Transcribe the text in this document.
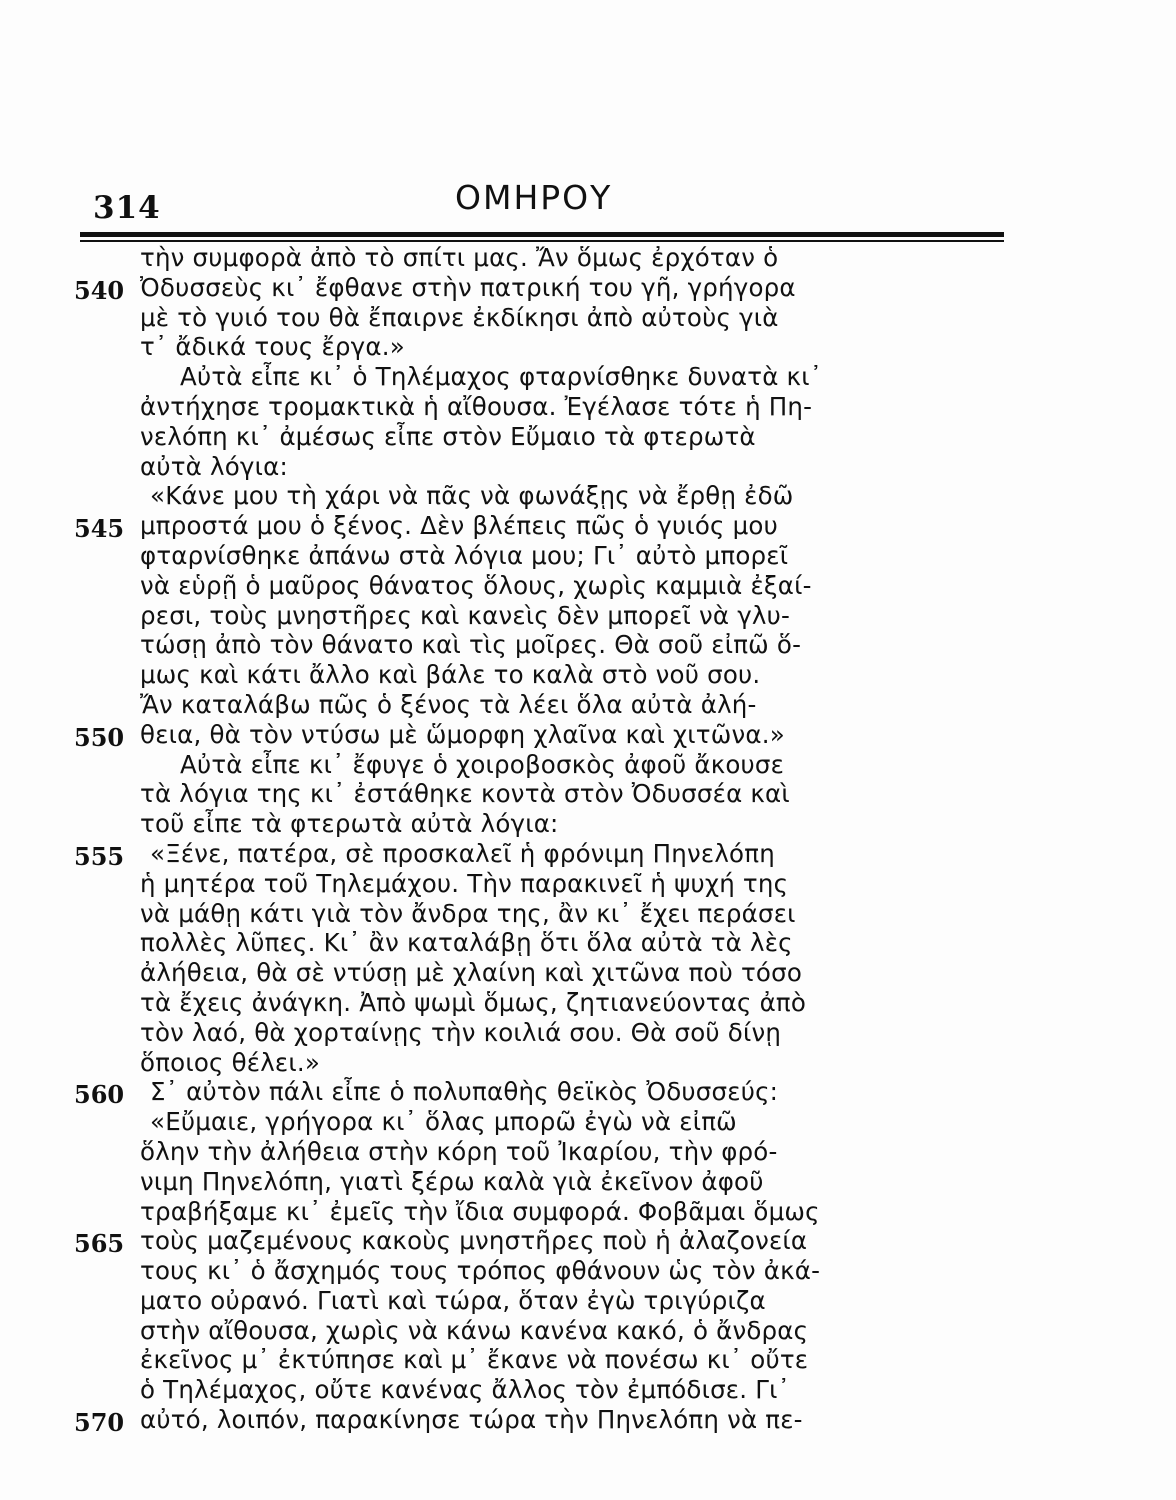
314	ΟΜΗΡΟΥ
τὴν συμφορὰ ἀπὸ τὸ σπίτι μας. Ἄν ὅμως ἐρχόταν ὁ
540 Ὀδυσσεὺς κι᾽ ἔφθανε στὴν πατρική του γῆ, γρήγορα
μὲ τὸ γυιό του θὰ ἔπαιρνε ἐκδίκησι ἀπὸ αὐτοὺς γιὰ
τ᾽ ἄδικά τους ἔργα.»
Αὐτὰ εἶπε κι᾽ ὁ Τηλέμαχος φταρνίσθηκε δυνατὰ κι᾽
ἀντήχησε τρομακτικὰ ἡ αἴθουσα. Ἐγέλασε τότε ἡ Πη-
νελόπη κι᾽ ἀμέσως εἶπε στὸν Εὔμαιο τὰ φτερωτὰ
αὐτὰ λόγια:
«Κάνε μου τὴ χάρι νὰ πᾶς νὰ φωνάξῃς νὰ ἔρθῃ ἐδῶ
545 μπροστά μου ὁ ξένος. Δὲν βλέπεις πῶς ὁ γυιός μου
φταρνίσθηκε ἀπάνω στὰ λόγια μου; Γι᾽ αὐτὸ μπορεῖ
νὰ εὑρῇ ὁ μαῦρος θάνατος ὅλους, χωρὶς καμμιὰ ἐξαί-
ρεσι, τοὺς μνηστῆρες καὶ κανεὶς δὲν μπορεῖ νὰ γλυ-
τώσῃ ἀπὸ τὸν θάνατο καὶ τὶς μοῖρες. Θὰ σοῦ εἰπῶ ὅ-
μως καὶ κάτι ἄλλο καὶ βάλε το καλὰ στὸ νοῦ σου.
Ἄν καταλάβω πῶς ὁ ξένος τὰ λέει ὅλα αὐτὰ ἀλή-
550 θεια, θὰ τὸν ντύσω μὲ ὥμορφη χλαῖνα καὶ χιτῶνα.»
Αὐτὰ εἶπε κι᾽ ἔφυγε ὁ χοιροβοσκὸς ἀφοῦ ἄκουσε
τὰ λόγια της κι᾽ ἐστάθηκε κοντὰ στὸν Ὀδυσσέα καὶ
τοῦ εἶπε τὰ φτερωτὰ αὐτὰ λόγια:
555 «Ξένε, πατέρα, σὲ προσκαλεῖ ἡ φρόνιμη Πηνελόπη
ἡ μητέρα τοῦ Τηλεμάχου. Τὴν παρακινεῖ ἡ ψυχή της
νὰ μάθῃ κάτι γιὰ τὸν ἄνδρα της, ἂν κι᾽ ἔχει περάσει
πολλὲς λῦπες. Κι᾽ ἂν καταλάβῃ ὅτι ὅλα αὐτὰ τὰ λὲς
ἀλήθεια, θὰ σὲ ντύσῃ μὲ χλαίνη καὶ χιτῶνα ποὺ τόσο
τὰ ἔχεις ἀνάγκη. Ἀπὸ ψωμὶ ὅμως, ζητιανεύοντας ἀπὸ
τὸν λαό, θὰ χορταίνῃς τὴν κοιλιά σου. Θὰ σοῦ δίνῃ
ὅποιος θέλει.»
560 Σ᾽ αὐτὸν πάλι εἶπε ὁ πολυπαθὴς θεϊκὸς Ὀδυσσεύς:
«Εὔμαιε, γρήγορα κι᾽ ὅλας μπορῶ ἐγὼ νὰ εἰπῶ
ὅλην τὴν ἀλήθεια στὴν κόρη τοῦ Ἰκαρίου, τὴν φρό-
νιμη Πηνελόπη, γιατὶ ξέρω καλὰ γιὰ ἐκεῖνον ἀφοῦ
τραβήξαμε κι᾽ ἐμεῖς τὴν ἴδια συμφορά. Φοβᾶμαι ὅμως
565 τοὺς μαζεμένους κακοὺς μνηστῆρες ποὺ ἡ ἀλαζονεία
τους κι᾽ ὁ ἄσχημός τους τρόπος φθάνουν ὡς τὸν ἀκά-
ματο οὐρανό. Γιατὶ καὶ τώρα, ὅταν ἐγὼ τριγύριζα
στὴν αἴθουσα, χωρὶς νὰ κάνω κανένα κακό, ὁ ἄνδρας
ἐκεῖνος μ᾽ ἐκτύπησε καὶ μ᾽ ἔκανε νὰ πονέσω κι᾽ οὔτε
ὁ Τηλέμαχος, οὔτε κανένας ἄλλος τὸν ἐμπόδισε. Γι᾽
570 αὐτό, λοιπόν, παρακίνησε τώρα τὴν Πηνελόπη νὰ πε-
